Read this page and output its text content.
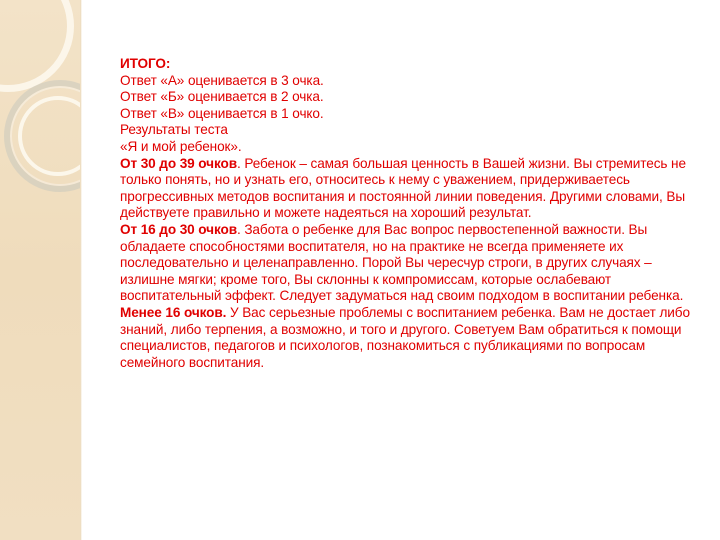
ИТОГО:

Ответ «А» оценивается в 3 очка.

Ответ «Б» оценивается в 2 очка.

Ответ «В» оценивается в 1 очко.

Результаты теста

«Я и мой ребенок».

От 30 до 39 очков. Ребенок – самая большая ценность в Вашей жизни. Вы стремитесь не только понять, но и узнать его, относитесь к нему с уважением, придерживаетесь прогрессивных методов воспитания и постоянной линии поведения. Другими словами, Вы действуете правильно и можете надеяться на хороший результат.

От 16 до 30 очков. Забота о ребенке для Вас вопрос первостепенной важности. Вы обладаете способностями воспитателя, но на практике не всегда применяете их последовательно и целенаправленно. Порой Вы чересчур строги, в других случаях – излишне мягки; кроме того, Вы склонны к компромиссам, которые ослабевают воспитательный эффект. Следует задуматься над своим подходом в воспитании ребенка.

Менее 16 очков. У Вас серьезные проблемы с воспитанием ребенка. Вам не достает либо знаний, либо терпения, а возможно, и того и другого. Советуем Вам обратиться к помощи специалистов, педагогов и психологов, познакомиться с публикациями по вопросам семейного воспитания.
